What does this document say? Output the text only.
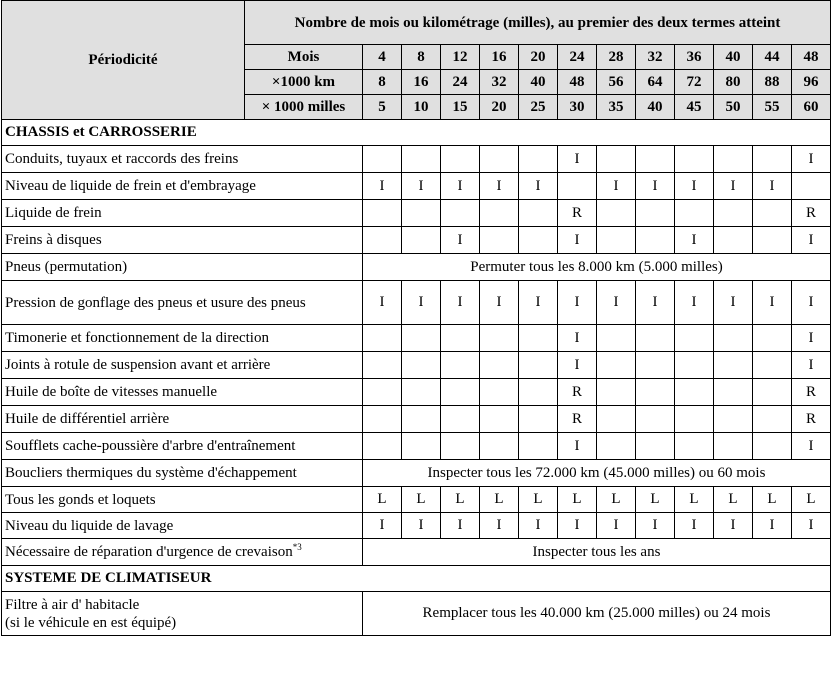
Périodicité	Nombre de mois ou kilométrage (milles), au premier des deux termes atteint												
	Mois	4	8	12	16	20	24	28	32	36	40	44	48
	×1000 km	8	16	24	32	40	48	56	64	72	80	88	96
	× 1000 milles	5	10	15	20	25	30	35	40	45	50	55	60
CHASSIS et CARROSSERIE													
Conduits, tuyaux et raccords des freins							I						I
Niveau de liquide de frein et d'embrayage		I	I	I	I	I		I	I	I	I	I	
Liquide de frein							R						R
Freins à disques				I			I			I			I
Pneus (permutation)		Permuter tous les 8.000 km (5.000 milles)											
Pression de gonflage des pneus et usure des pneus		I	I	I	I	I	I	I	I	I	I	I	I
Timonerie et fonctionnement de la direction							I						I
Joints à rotule de suspension avant et arrière							I						I
Huile de boîte de vitesses manuelle							R						R
Huile de différentiel arrière							R						R
Soufflets cache-poussière d'arbre d'entraînement							I						I
Boucliers thermiques du système d'échappement		Inspecter tous les 72.000 km (45.000 milles) ou 60 mois											
Tous les gonds et loquets		L	L	L	L	L	L	L	L	L	L	L	L
Niveau du liquide de lavage		I	I	I	I	I	I	I	I	I	I	I	I
Nécessaire de réparation d'urgence de crevaison$^{*3}$		Inspecter tous les ans											
SYSTEME DE CLIMATISEUR													
Filtre à air d' habitacle
(si le véhicule en est équipé)		Remplacer tous les 40.000 km (25.000 milles) ou 24 mois											
